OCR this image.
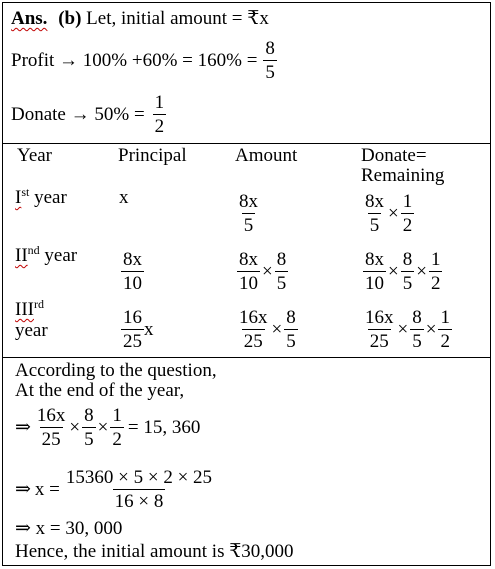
Ans. (b) Let, initial amount = ₹x
Profit → $100\% +60\% = 160\% = \frac{8}{5}$
Donate → $50\% = \frac{1}{2}$
Year	Principal	Amount	Donate=
Remaining
Ist year	x	$\frac{8x}{5}$	$\frac{8x}{5} \times \frac{1}{2}$
IInd year $\frac{8x}{10}$	$\frac{8x}{10} \times \frac{8}{5}$	$\frac{8x}{10} \times \frac{8}{5} \times \frac{1}{2}$
IIIrd
year	$\frac{16}{25}$ x	$\frac{16x}{25} \times \frac{8}{5}$	$\frac{16x}{25} \times \frac{8}{5} \times \frac{1}{2}$
According to the question,
At the end of the year,
⇒ $\frac{16x}{25} \times \frac{8}{5} \times \frac{1}{2} = 15$, 360
⇒ $x = \frac{15360 \times 5 \times 2 \times 25}{16 \times 8}$
⇒ x = 30, 000
Hence, the initial amount is ₹30,000
